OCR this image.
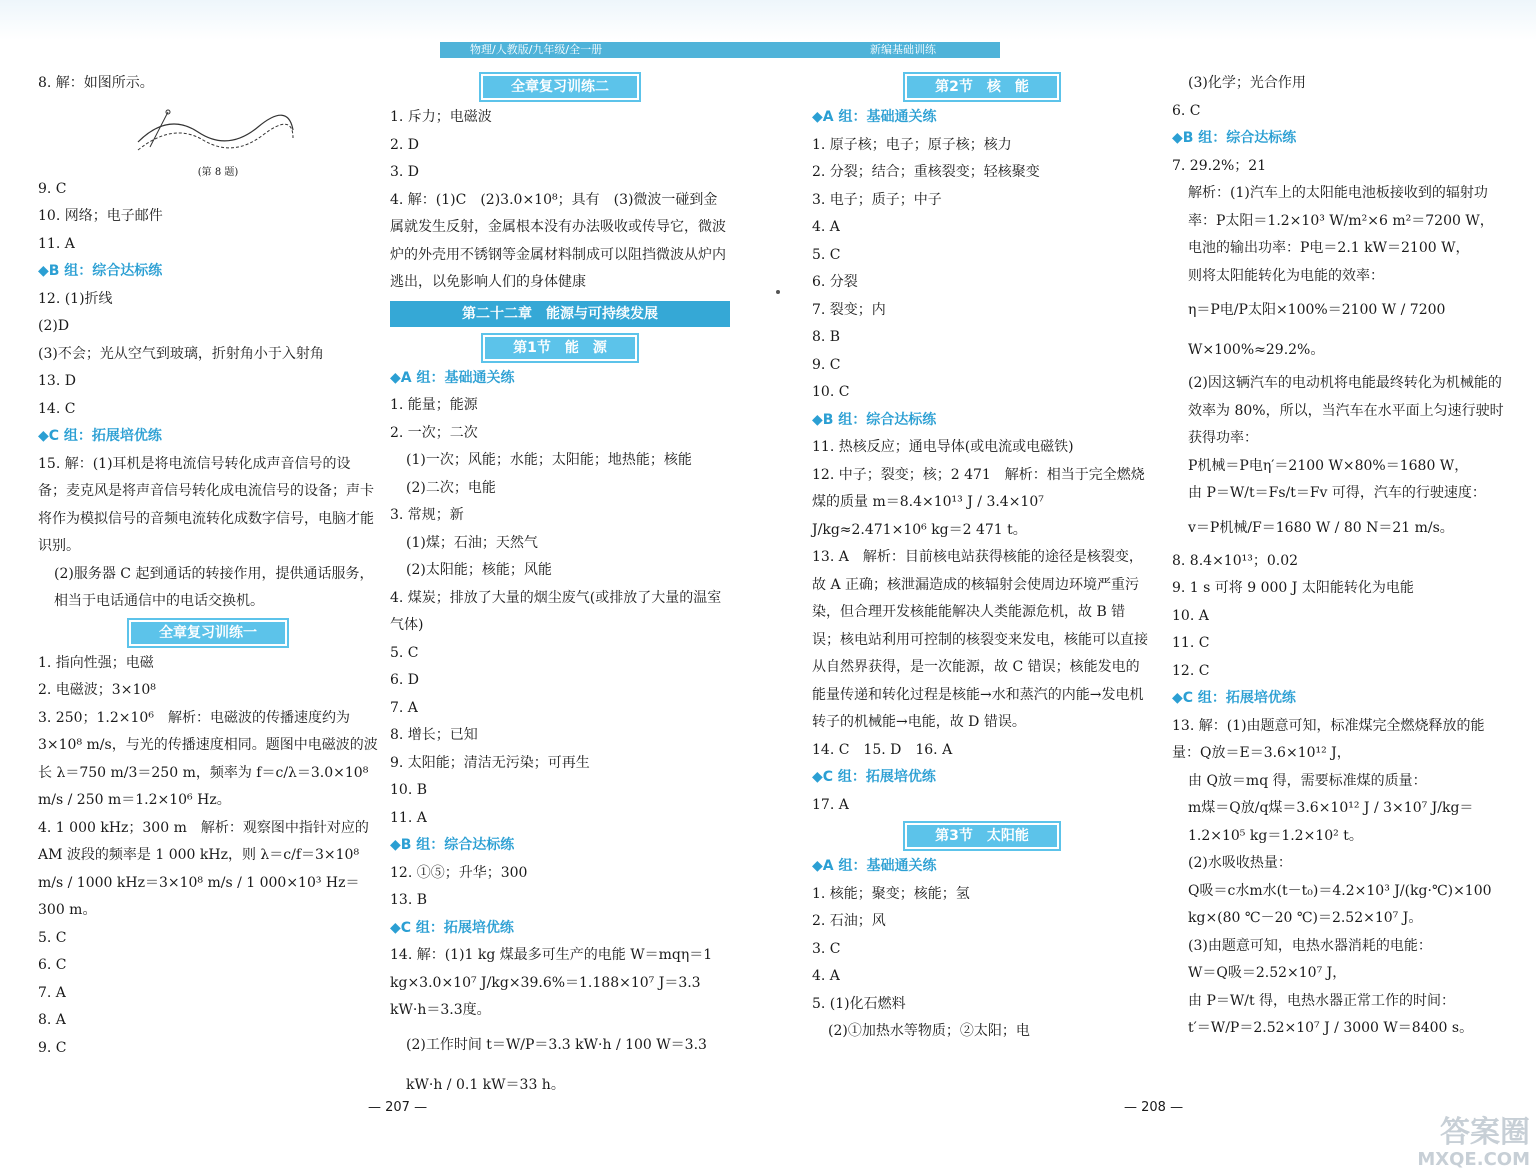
物理/人教版/九年级/全一册	新编基础训练
8. 解：如图所示。
(第 8 题)
9. C
10. 网络；电子邮件
11. A
◆B 组：综合达标练
12. (1)折线
(2)D
(3)不会；光从空气到玻璃，折射角小于入射角
13. D
14. C
◆C 组：拓展培优练
15. 解：(1)耳机是将电流信号转化成声音信号的设备；麦克风是将声音信号转化成电流信号的设备；声卡将作为模拟信号的音频电流转化成数字信号，电脑才能识别。
(2)服务器 C 起到通话的转接作用，提供通话服务，相当于电话通信中的电话交换机。
全章复习训练一
1. 指向性强；电磁
2. 电磁波；3×10⁸
3. 250；1.2×10⁶　解析：电磁波的传播速度约为 3×10⁸ m/s，与光的传播速度相同。题图中电磁波的波长 λ＝750 m/3＝250 m，频率为 f＝c/λ＝3.0×10⁸ m/s / 250 m＝1.2×10⁶ Hz。
4. 1 000 kHz；300 m　解析：观察图中指针对应的 AM 波段的频率是 1 000 kHz，则 λ＝c/f＝3×10⁸ m/s / 1000 kHz＝3×10⁸ m/s / 1 000×10³ Hz＝300 m。
5. C
6. C
7. A
8. A
9. C
全章复习训练二
1. 斥力；电磁波
2. D
3. D
4. 解：(1)C　(2)3.0×10⁸；具有　(3)微波一碰到金属就发生反射，金属根本没有办法吸收或传导它，微波炉的外壳用不锈钢等金属材料制成可以阻挡微波从炉内逃出，以免影响人们的身体健康
第二十二章　能源与可持续发展
第1节　能　源
◆A 组：基础通关练
1. 能量；能源
2. 一次；二次
(1)一次；风能；水能；太阳能；地热能；核能
(2)二次；电能
3. 常规；新
(1)煤；石油；天然气
(2)太阳能；核能；风能
4. 煤炭；排放了大量的烟尘废气(或排放了大量的温室气体)
5. C
6. D
7. A
8. 增长；已知
9. 太阳能；清洁无污染；可再生
10. B
11. A
◆B 组：综合达标练
12. ①⑤；升华；300
13. B
◆C 组：拓展培优练
14. 解：(1)1 kg 煤最多可生产的电能 W＝mqη＝1 kg×3.0×10⁷ J/kg×39.6%＝1.188×10⁷ J＝3.3 kW·h＝3.3度。
(2)工作时间 t＝W/P＝3.3 kW·h / 100 W＝3.3 kW·h / 0.1 kW＝33 h。
第2节　核　能
◆A 组：基础通关练
1. 原子核；电子；原子核；核力
2. 分裂；结合；重核裂变；轻核聚变
3. 电子；质子；中子
4. A
5. C
6. 分裂
7. 裂变；内
8. B
9. C
10. C
◆B 组：综合达标练
11. 热核反应；通电导体(或电流或电磁铁)
12. 中子；裂变；核；2 471　解析：相当于完全燃烧煤的质量 m＝8.4×10¹³ J / 3.4×10⁷ J/kg≈2.471×10⁶ kg＝2 471 t。
13. A　解析：目前核电站获得核能的途径是核裂变，故 A 正确；核泄漏造成的核辐射会使周边环境严重污染，但合理开发核能能解决人类能源危机，故 B 错误；核电站利用可控制的核裂变来发电，核能可以直接从自然界获得，是一次能源，故 C 错误；核能发电的能量传递和转化过程是核能→水和蒸汽的内能→发电机转子的机械能→电能，故 D 错误。
14. C　15. D　16. A
◆C 组：拓展培优练
17. A
第3节　太阳能
◆A 组：基础通关练
1. 核能；聚变；核能；氢
2. 石油；风
3. C
4. A
5. (1)化石燃料
(2)①加热水等物质；②太阳；电
(3)化学；光合作用
6. C
◆B 组：综合达标练
7. 29.2%；21
解析：(1)汽车上的太阳能电池板接收到的辐射功率：P太阳＝1.2×10³ W/m²×6 m²＝7200 W，
电池的输出功率：P电＝2.1 kW＝2100 W，
则将太阳能转化为电能的效率：
η＝P电/P太阳×100%＝2100 W / 7200 W×100%≈29.2%。
(2)因这辆汽车的电动机将电能最终转化为机械能的效率为 80%，所以，当汽车在水平面上匀速行驶时获得功率：
P机械＝P电η′＝2100 W×80%＝1680 W，
由 P＝W/t＝Fs/t＝Fv 可得，汽车的行驶速度：
v＝P机械/F＝1680 W / 80 N＝21 m/s。
8. 8.4×10¹³；0.02
9. 1 s 可将 9 000 J 太阳能转化为电能
10. A
11. C
12. C
◆C 组：拓展培优练
13. 解：(1)由题意可知，标准煤完全燃烧释放的能量：Q放＝E＝3.6×10¹² J，
由 Q放＝mq 得，需要标准煤的质量：
m煤＝Q放/q煤＝3.6×10¹² J / 3×10⁷ J/kg＝1.2×10⁵ kg＝1.2×10² t。
(2)水吸收热量：
Q吸＝c水m水(t－t₀)＝4.2×10³ J/(kg·℃)×100 kg×(80 ℃－20 ℃)＝2.52×10⁷ J。
(3)由题意可知，电热水器消耗的电能：
W＝Q吸＝2.52×10⁷ J，
由 P＝W/t 得，电热水器正常工作的时间：
t′＝W/P＝2.52×10⁷ J / 3000 W＝8400 s。
— 207 —	— 208 —
答案圈
MXQE.COM
